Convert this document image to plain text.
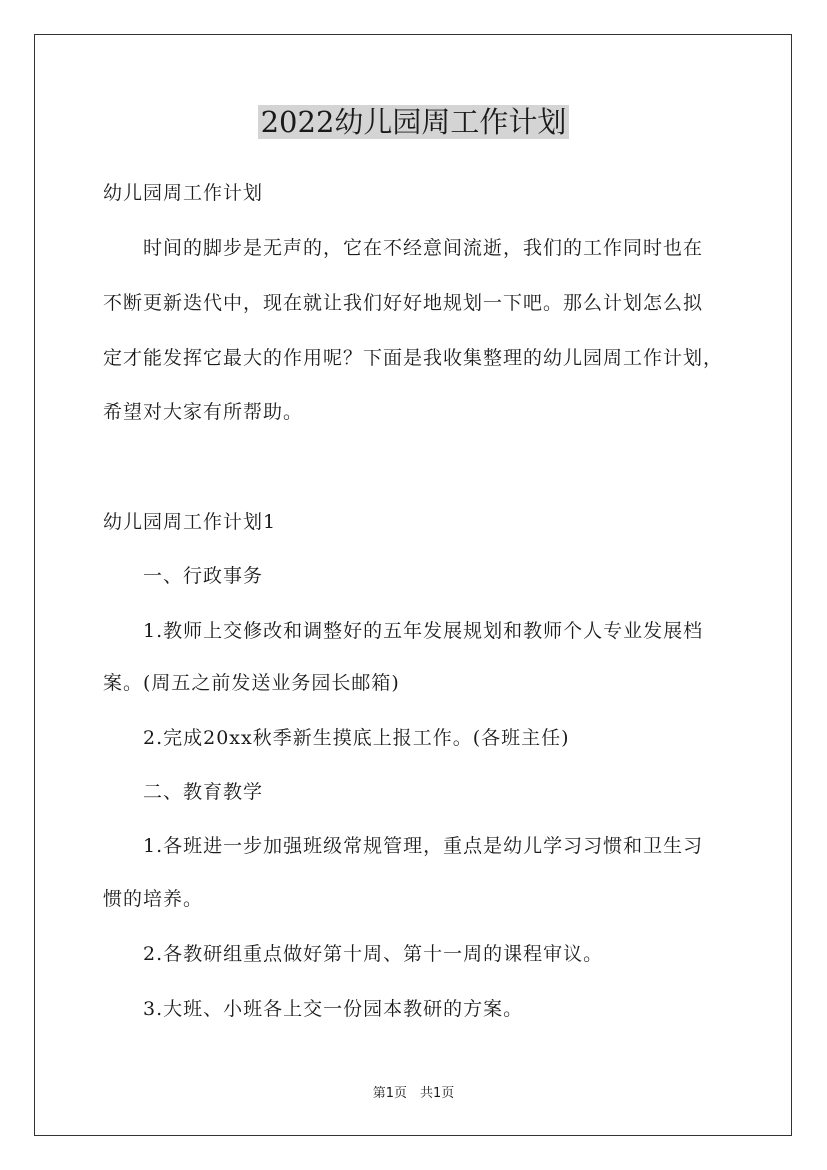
2022幼儿园周工作计划
幼儿园周工作计划
时间的脚步是无声的，它在不经意间流逝，我们的工作同时也在
不断更新迭代中，现在就让我们好好地规划一下吧。那么计划怎么拟
定才能发挥它最大的作用呢？下面是我收集整理的幼儿园周工作计划，
希望对大家有所帮助。
幼儿园周工作计划1
一、行政事务
1.教师上交修改和调整好的五年发展规划和教师个人专业发展档
案。(周五之前发送业务园长邮箱)
2.完成20xx秋季新生摸底上报工作。(各班主任)
二、教育教学
1.各班进一步加强班级常规管理，重点是幼儿学习习惯和卫生习
惯的培养。
2.各教研组重点做好第十周、第十一周的课程审议。
3.大班、小班各上交一份园本教研的方案。
第1页　共1页
